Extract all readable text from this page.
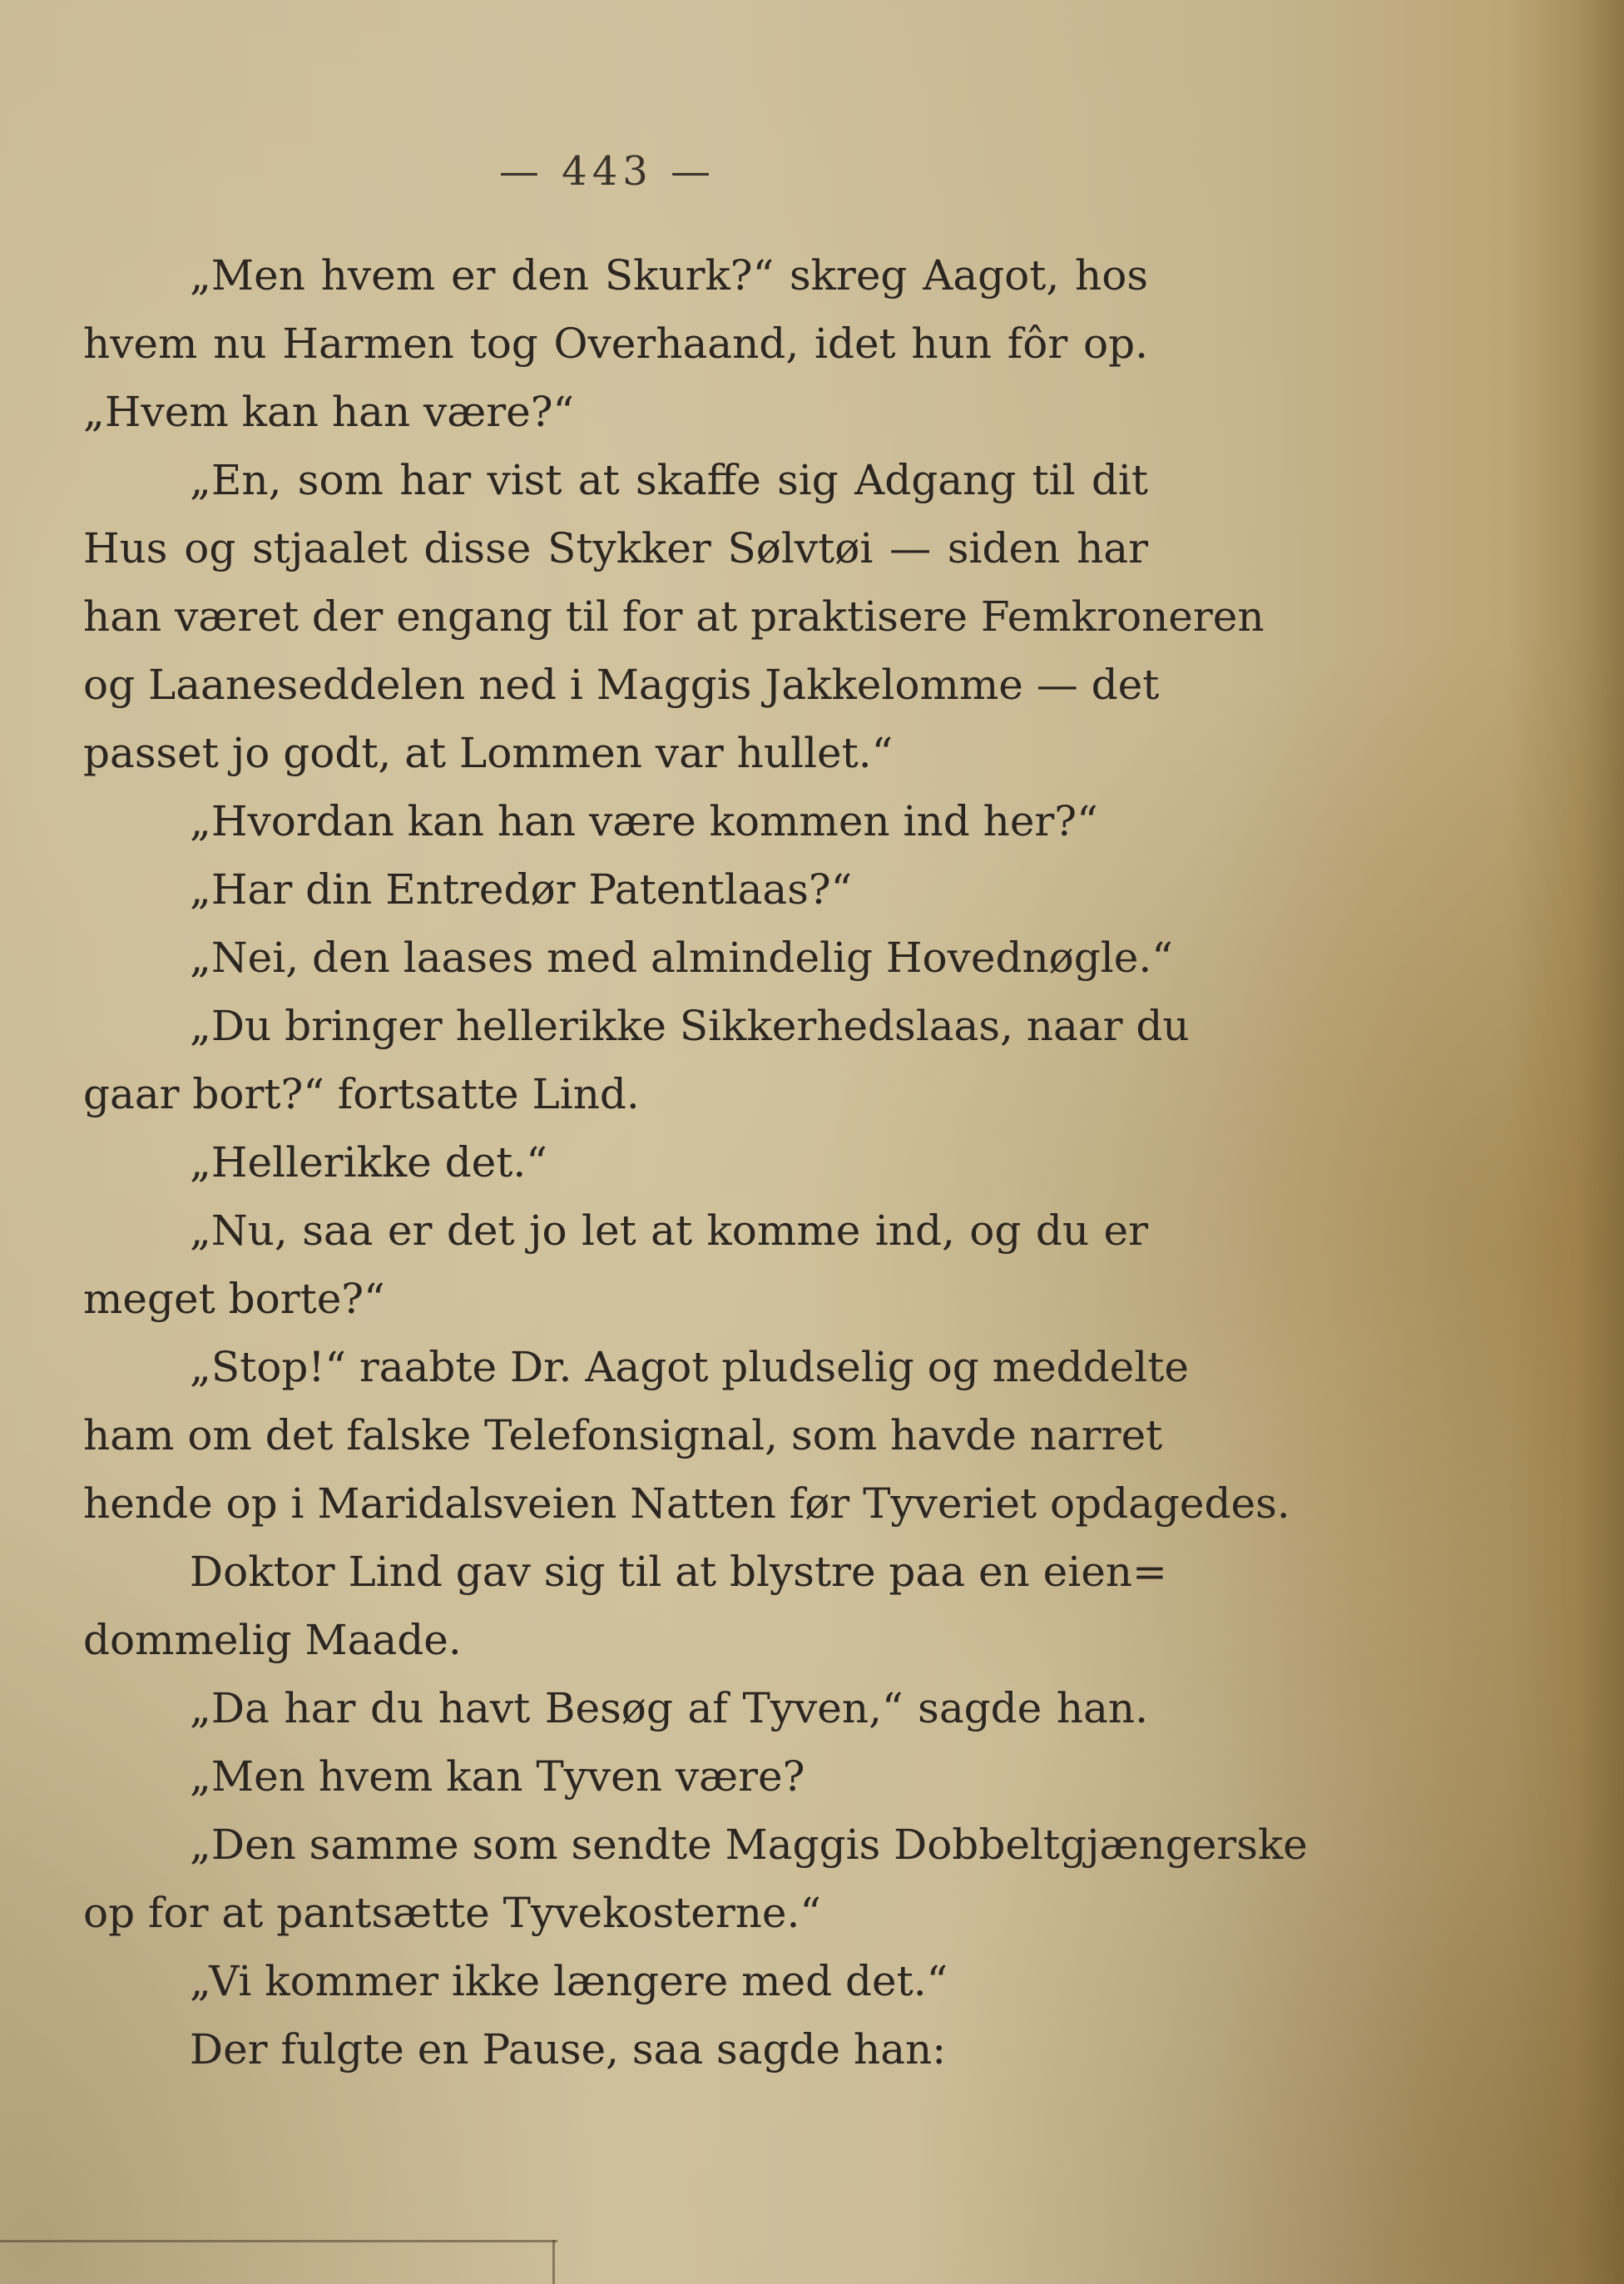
— 443 —
„Men hvem er den Skurk?“ skreg Aagot, hos
hvem nu Harmen tog Overhaand, idet hun fôr op.
„Hvem kan han være?“
„En, som har vist at skaffe sig Adgang til dit
Hus og stjaalet disse Stykker Sølvtøi — siden har
han været der engang til for at praktisere Femkroneren
og Laaneseddelen ned i Maggis Jakkelomme — det
passet jo godt, at Lommen var hullet.“
„Hvordan kan han være kommen ind her?“
„Har din Entredør Patentlaas?“
„Nei, den laases med almindelig Hovednøgle.“
„Du bringer hellerikke Sikkerhedslaas, naar du
gaar bort?“ fortsatte Lind.
„Hellerikke det.“
„Nu, saa er det jo let at komme ind, og du er
meget borte?“
„Stop!“ raabte Dr. Aagot pludselig og meddelte
ham om det falske Telefonsignal, som havde narret
hende op i Maridalsveien Natten før Tyveriet opdagedes.
Doktor Lind gav sig til at blystre paa en eien=
dommelig Maade.
„Da har du havt Besøg af Tyven,“ sagde han.
„Men hvem kan Tyven være?
„Den samme som sendte Maggis Dobbeltgjængerske
op for at pantsætte Tyvekosterne.“
„Vi kommer ikke længere med det.“
Der fulgte en Pause, saa sagde han:
